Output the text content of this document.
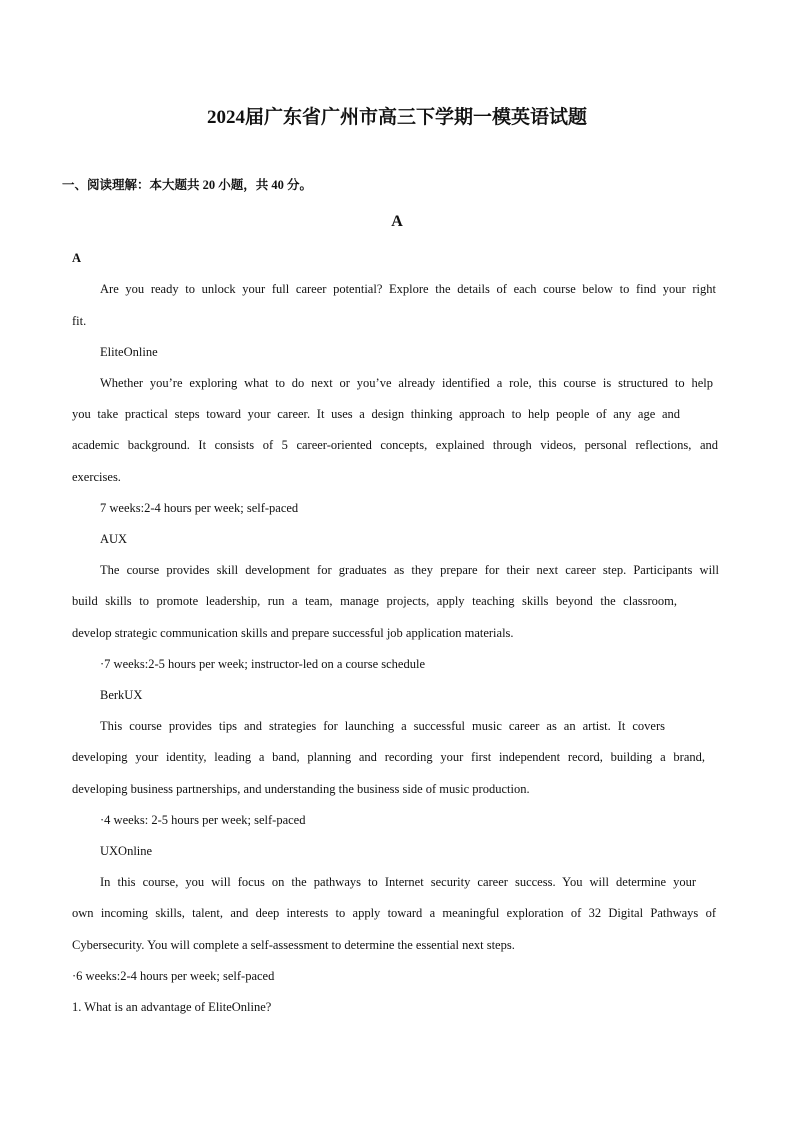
2024届广东省广州市高三下学期一模英语试题
一、阅读理解：本大题共 20 小题，共 40 分。
A
A
Are you ready to unlock your full career potential? Explore the details of each course below to find your right
fit.
EliteOnline
Whether you’re exploring what to do next or you’ve already identified a role, this course is structured to help
you take practical steps toward your career. It uses a design thinking approach to help people of any age and
academic background. It consists of 5 career-oriented concepts, explained through videos, personal reflections, and
exercises.
7 weeks:2-4 hours per week; self-paced
AUX
The course provides skill development for graduates as they prepare for their next career step. Participants will
build skills to promote leadership, run a team, manage projects, apply teaching skills beyond the classroom,
develop strategic communication skills and prepare successful job application materials.
·7 weeks:2-5 hours per week; instructor-led on a course schedule
BerkUX
This course provides tips and strategies for launching a successful music career as an artist. It covers
developing your identity, leading a band, planning and recording your first independent record, building a brand,
developing business partnerships, and understanding the business side of music production.
·4 weeks: 2-5 hours per week; self-paced
UXOnline
In this course, you will focus on the pathways to Internet security career success. You will determine your
own incoming skills, talent, and deep interests to apply toward a meaningful exploration of 32 Digital Pathways of
Cybersecurity. You will complete a self-assessment to determine the essential next steps.
·6 weeks:2-4 hours per week; self-paced
1. What is an advantage of EliteOnline?
